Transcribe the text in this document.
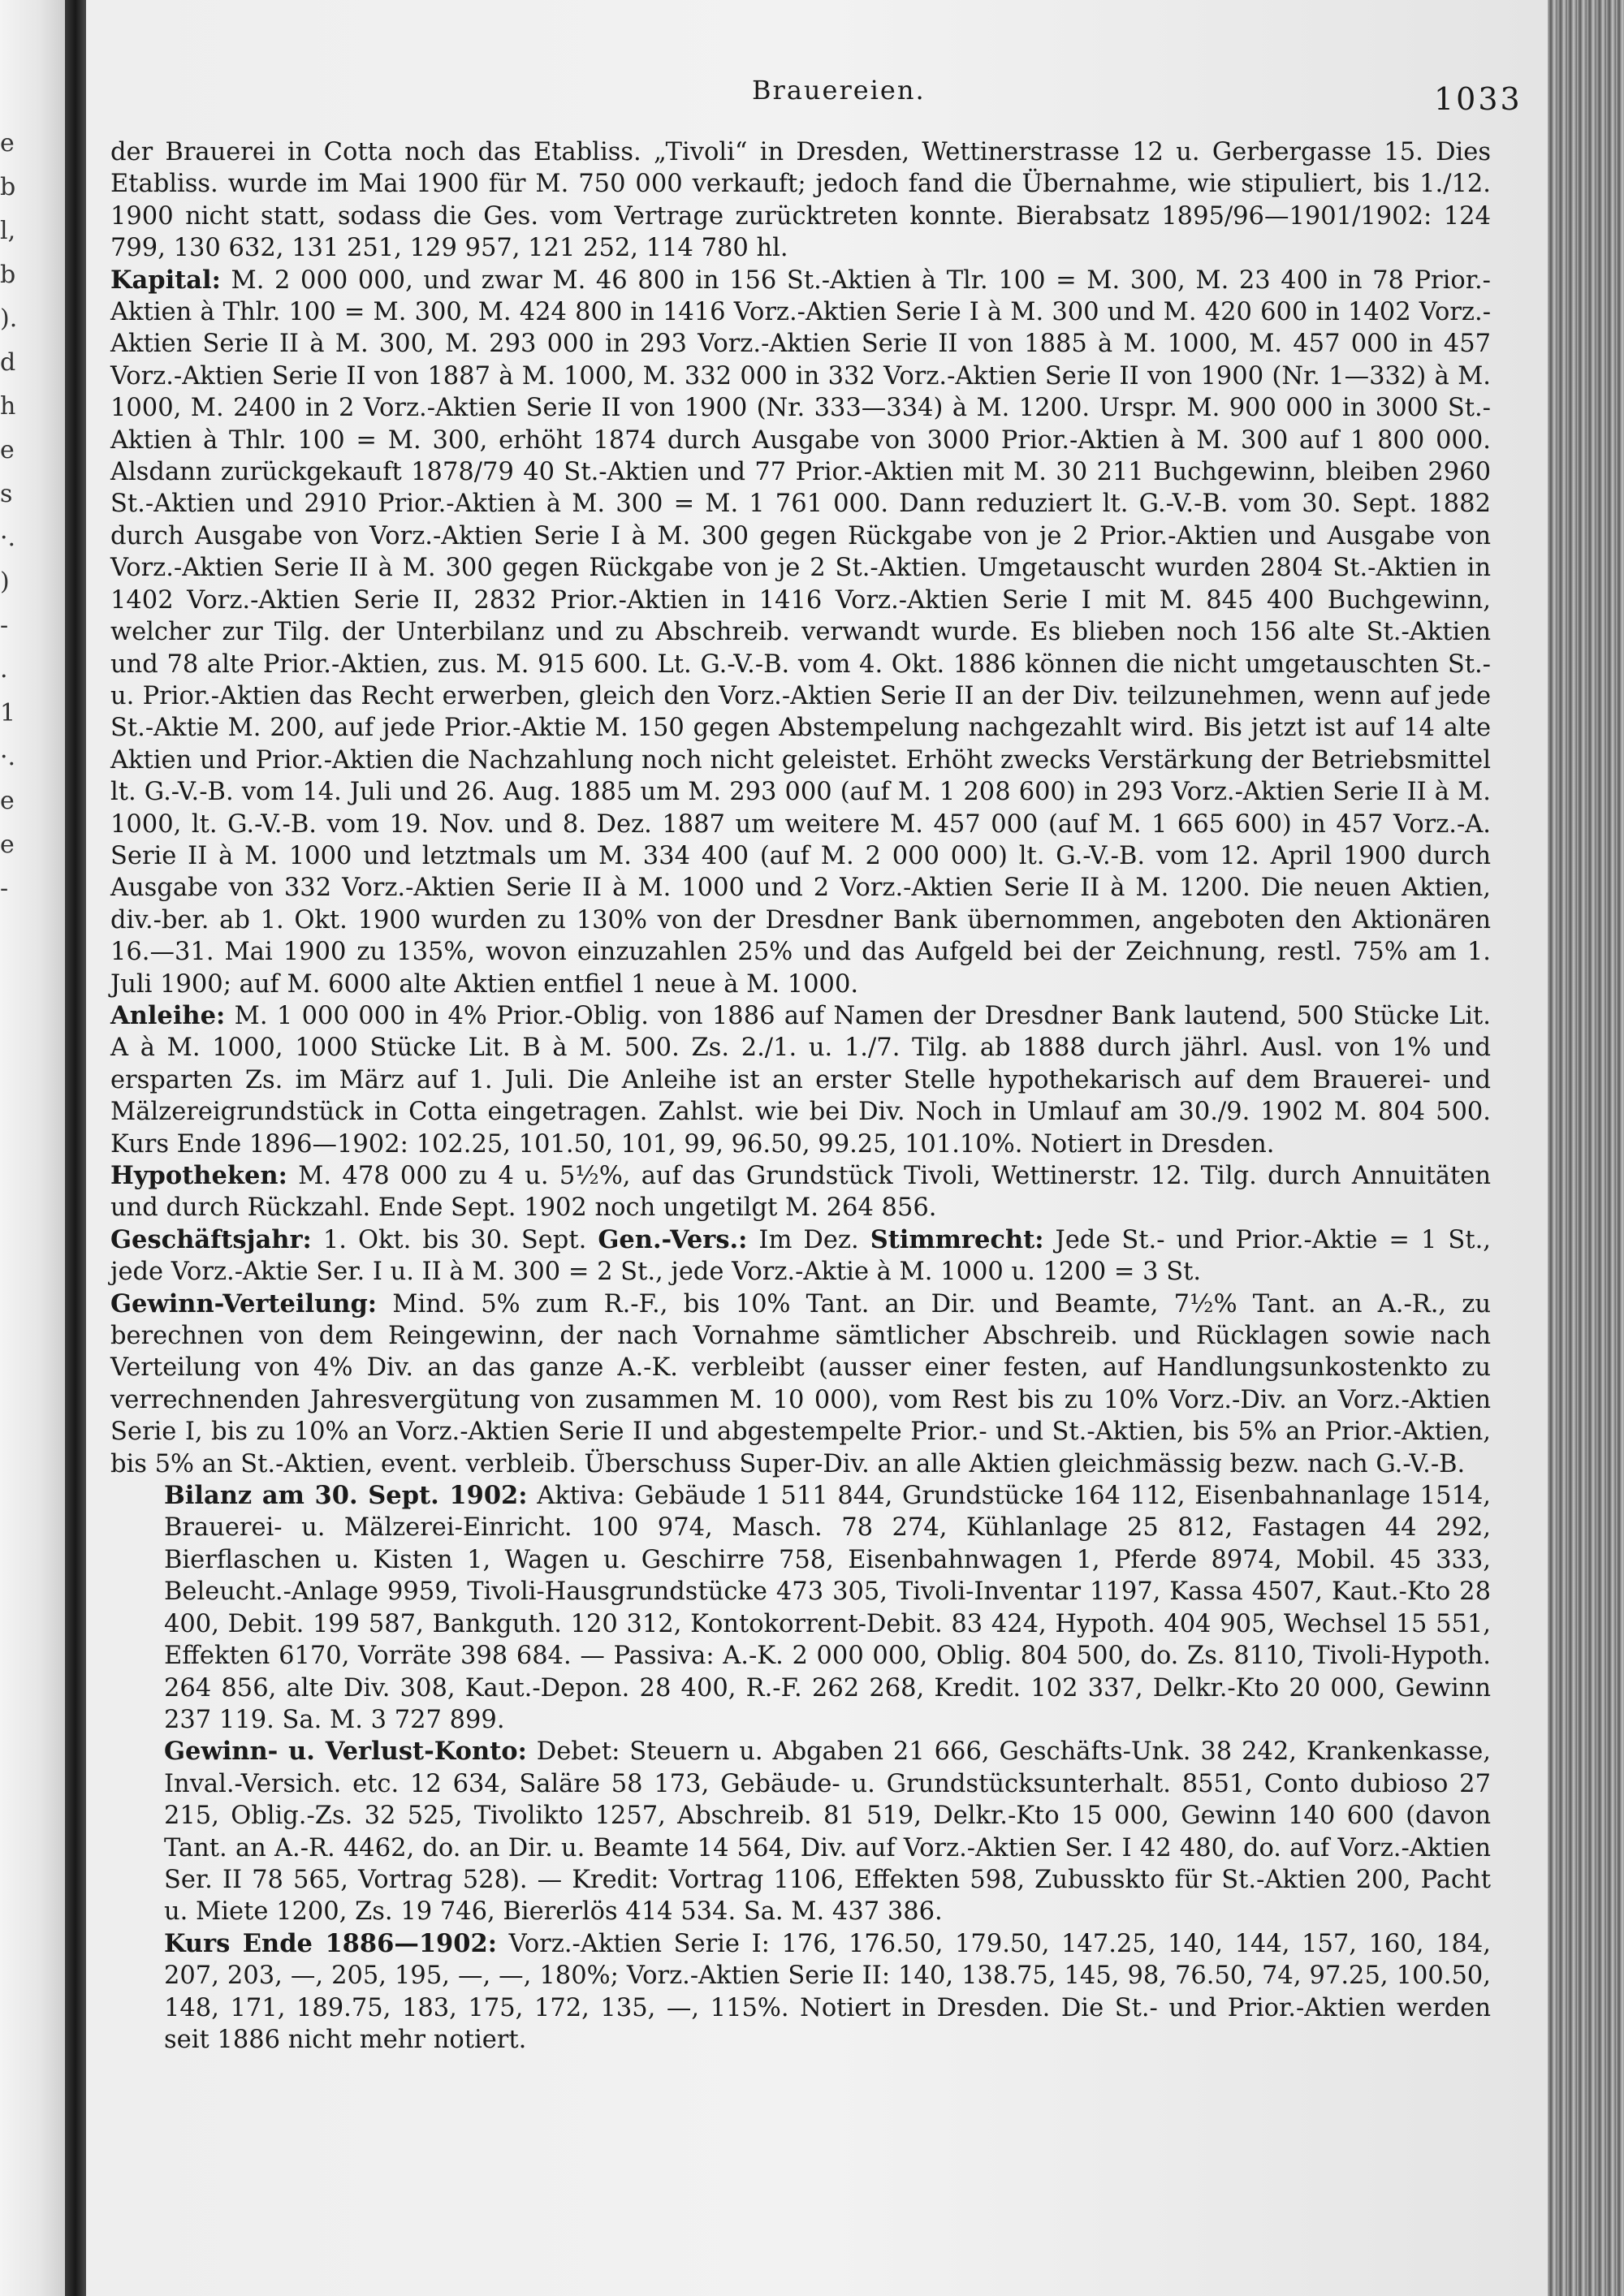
e
b
l,
b
).
d
h
e
s
·.
)
-
.
1
·.
e
e
-
Brauereien.	1033

der Brauerei in Cotta noch das Etabliss. „Tivoli“ in Dresden, Wettinerstrasse 12 u. Gerbergasse 15. Dies Etabliss. wurde im Mai 1900 für M. 750 000 verkauft; jedoch fand die Übernahme, wie stipuliert, bis 1./12. 1900 nicht statt, sodass die Ges. vom Vertrage zurücktreten konnte. Bierabsatz 1895/96—1901/1902: 124 799, 130 632, 131 251, 129 957, 121 252, 114 780 hl.

Kapital: M. 2 000 000, und zwar M. 46 800 in 156 St.-Aktien à Tlr. 100 = M. 300, M. 23 400 in 78 Prior.-Aktien à Thlr. 100 = M. 300, M. 424 800 in 1416 Vorz.-Aktien Serie I à M. 300 und M. 420 600 in 1402 Vorz.-Aktien Serie II à M. 300, M. 293 000 in 293 Vorz.-Aktien Serie II von 1885 à M. 1000, M. 457 000 in 457 Vorz.-Aktien Serie II von 1887 à M. 1000, M. 332 000 in 332 Vorz.-Aktien Serie II von 1900 (Nr. 1—332) à M. 1000, M. 2400 in 2 Vorz.-Aktien Serie II von 1900 (Nr. 333—334) à M. 1200. Urspr. M. 900 000 in 3000 St.-Aktien à Thlr. 100 = M. 300, erhöht 1874 durch Ausgabe von 3000 Prior.-Aktien à M. 300 auf 1 800 000. Alsdann zurückgekauft 1878/79 40 St.-Aktien und 77 Prior.-Aktien mit M. 30 211 Buchgewinn, bleiben 2960 St.-Aktien und 2910 Prior.-Aktien à M. 300 = M. 1 761 000. Dann reduziert lt. G.-V.-B. vom 30. Sept. 1882 durch Ausgabe von Vorz.-Aktien Serie I à M. 300 gegen Rückgabe von je 2 Prior.-Aktien und Ausgabe von Vorz.-Aktien Serie II à M. 300 gegen Rückgabe von je 2 St.-Aktien. Umgetauscht wurden 2804 St.-Aktien in 1402 Vorz.-Aktien Serie II, 2832 Prior.-Aktien in 1416 Vorz.-Aktien Serie I mit M. 845 400 Buchgewinn, welcher zur Tilg. der Unterbilanz und zu Abschreib. verwandt wurde. Es blieben noch 156 alte St.-Aktien und 78 alte Prior.-Aktien, zus. M. 915 600. Lt. G.-V.-B. vom 4. Okt. 1886 können die nicht umgetauschten St.- u. Prior.-Aktien das Recht erwerben, gleich den Vorz.-Aktien Serie II an der Div. teilzunehmen, wenn auf jede St.-Aktie M. 200, auf jede Prior.-Aktie M. 150 gegen Abstempelung nachgezahlt wird. Bis jetzt ist auf 14 alte Aktien und Prior.-Aktien die Nachzahlung noch nicht geleistet. Erhöht zwecks Verstärkung der Betriebsmittel lt. G.-V.-B. vom 14. Juli und 26. Aug. 1885 um M. 293 000 (auf M. 1 208 600) in 293 Vorz.-Aktien Serie II à M. 1000, lt. G.-V.-B. vom 19. Nov. und 8. Dez. 1887 um weitere M. 457 000 (auf M. 1 665 600) in 457 Vorz.-A. Serie II à M. 1000 und letztmals um M. 334 400 (auf M. 2 000 000) lt. G.-V.-B. vom 12. April 1900 durch Ausgabe von 332 Vorz.-Aktien Serie II à M. 1000 und 2 Vorz.-Aktien Serie II à M. 1200. Die neuen Aktien, div.-ber. ab 1. Okt. 1900 wurden zu 130% von der Dresdner Bank übernommen, angeboten den Aktionären 16.—31. Mai 1900 zu 135%, wovon einzuzahlen 25% und das Aufgeld bei der Zeichnung, restl. 75% am 1. Juli 1900; auf M. 6000 alte Aktien entfiel 1 neue à M. 1000.

Anleihe: M. 1 000 000 in 4% Prior.-Oblig. von 1886 auf Namen der Dresdner Bank lautend, 500 Stücke Lit. A à M. 1000, 1000 Stücke Lit. B à M. 500. Zs. 2./1. u. 1./7. Tilg. ab 1888 durch jährl. Ausl. von 1% und ersparten Zs. im März auf 1. Juli. Die Anleihe ist an erster Stelle hypothekarisch auf dem Brauerei- und Mälzereigrundstück in Cotta eingetragen. Zahlst. wie bei Div. Noch in Umlauf am 30./9. 1902 M. 804 500. Kurs Ende 1896—1902: 102.25, 101.50, 101, 99, 96.50, 99.25, 101.10%. Notiert in Dresden.

Hypotheken: M. 478 000 zu 4 u. 5½%, auf das Grundstück Tivoli, Wettinerstr. 12. Tilg. durch Annuitäten und durch Rückzahl. Ende Sept. 1902 noch ungetilgt M. 264 856.

Geschäftsjahr: 1. Okt. bis 30. Sept. Gen.-Vers.: Im Dez. Stimmrecht: Jede St.- und Prior.-Aktie = 1 St., jede Vorz.-Aktie Ser. I u. II à M. 300 = 2 St., jede Vorz.-Aktie à M. 1000 u. 1200 = 3 St.

Gewinn-Verteilung: Mind. 5% zum R.-F., bis 10% Tant. an Dir. und Beamte, 7½% Tant. an A.-R., zu berechnen von dem Reingewinn, der nach Vornahme sämtlicher Abschreib. und Rücklagen sowie nach Verteilung von 4% Div. an das ganze A.-K. verbleibt (ausser einer festen, auf Handlungsunkostenkto zu verrechnenden Jahresvergütung von zusammen M. 10 000), vom Rest bis zu 10% Vorz.-Div. an Vorz.-Aktien Serie I, bis zu 10% an Vorz.-Aktien Serie II und abgestempelte Prior.- und St.-Aktien, bis 5% an Prior.-Aktien, bis 5% an St.-Aktien, event. verbleib. Überschuss Super-Div. an alle Aktien gleichmässig bezw. nach G.-V.-B.

Bilanz am 30. Sept. 1902: Aktiva: Gebäude 1 511 844, Grundstücke 164 112, Eisenbahnanlage 1514, Brauerei- u. Mälzerei-Einricht. 100 974, Masch. 78 274, Kühlanlage 25 812, Fastagen 44 292, Bierflaschen u. Kisten 1, Wagen u. Geschirre 758, Eisenbahnwagen 1, Pferde 8974, Mobil. 45 333, Beleucht.-Anlage 9959, Tivoli-Hausgrundstücke 473 305, Tivoli-Inventar 1197, Kassa 4507, Kaut.-Kto 28 400, Debit. 199 587, Bankguth. 120 312, Kontokorrent-Debit. 83 424, Hypoth. 404 905, Wechsel 15 551, Effekten 6170, Vorräte 398 684. — Passiva: A.-K. 2 000 000, Oblig. 804 500, do. Zs. 8110, Tivoli-Hypoth. 264 856, alte Div. 308, Kaut.-Depon. 28 400, R.-F. 262 268, Kredit. 102 337, Delkr.-Kto 20 000, Gewinn 237 119. Sa. M. 3 727 899.

Gewinn- u. Verlust-Konto: Debet: Steuern u. Abgaben 21 666, Geschäfts-Unk. 38 242, Krankenkasse, Inval.-Versich. etc. 12 634, Saläre 58 173, Gebäude- u. Grundstücksunterhalt. 8551, Conto dubioso 27 215, Oblig.-Zs. 32 525, Tivolikto 1257, Abschreib. 81 519, Delkr.-Kto 15 000, Gewinn 140 600 (davon Tant. an A.-R. 4462, do. an Dir. u. Beamte 14 564, Div. auf Vorz.-Aktien Ser. I 42 480, do. auf Vorz.-Aktien Ser. II 78 565, Vortrag 528). — Kredit: Vortrag 1106, Effekten 598, Zubusskto für St.-Aktien 200, Pacht u. Miete 1200, Zs. 19 746, Biererlös 414 534. Sa. M. 437 386.

Kurs Ende 1886—1902: Vorz.-Aktien Serie I: 176, 176.50, 179.50, 147.25, 140, 144, 157, 160, 184, 207, 203, —, 205, 195, —, —, 180%; Vorz.-Aktien Serie II: 140, 138.75, 145, 98, 76.50, 74, 97.25, 100.50, 148, 171, 189.75, 183, 175, 172, 135, —, 115%. Notiert in Dresden. Die St.- und Prior.-Aktien werden seit 1886 nicht mehr notiert.
